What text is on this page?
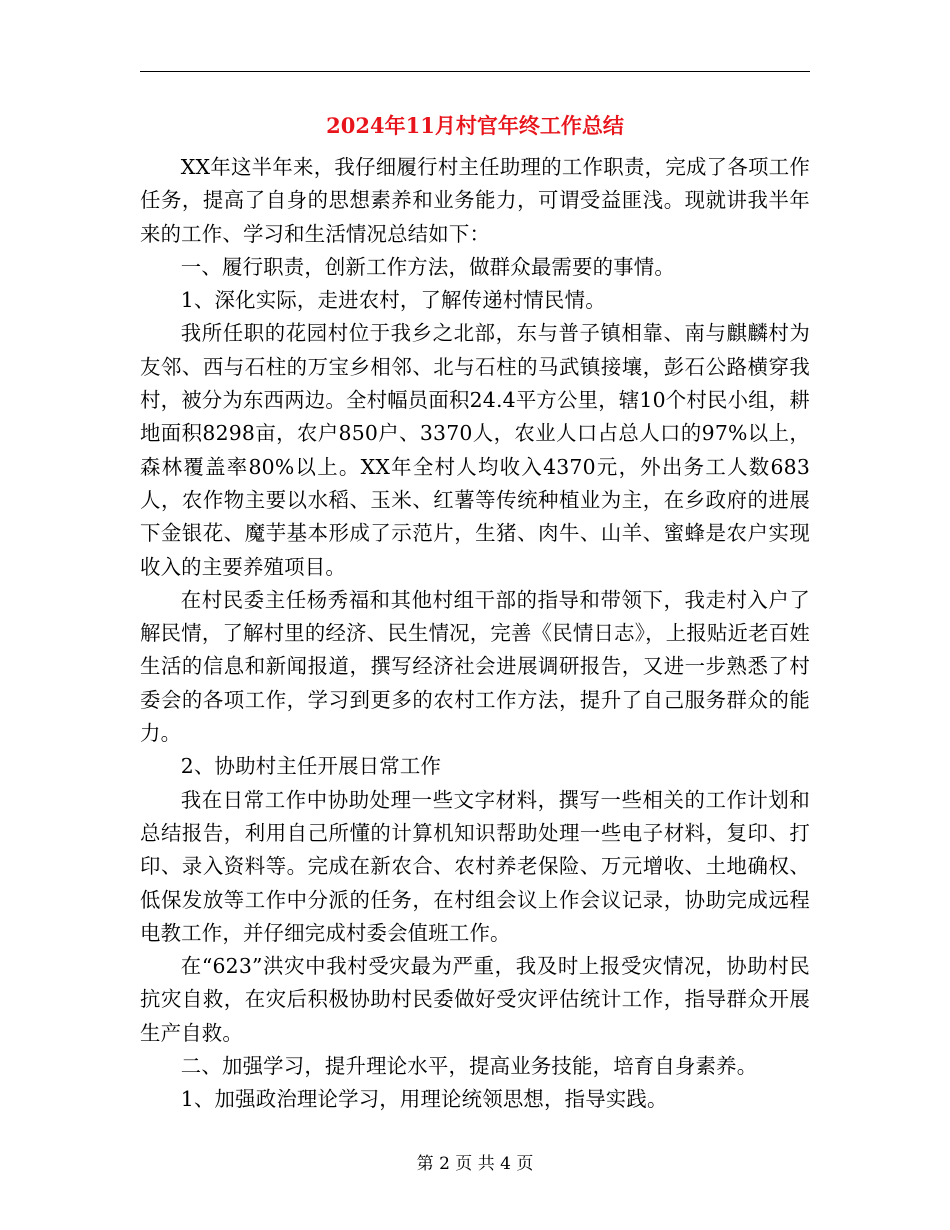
2024年11月村官年终工作总结

XX年这半年来，我仔细履行村主任助理的工作职责，完成了各项工作任务，提高了自身的思想素养和业务能力，可谓受益匪浅。现就讲我半年来的工作、学习和生活情况总结如下：

一、履行职责，创新工作方法，做群众最需要的事情。

1、深化实际，走进农村，了解传递村情民情。

我所任职的花园村位于我乡之北部，东与普子镇相靠、南与麒麟村为友邻、西与石柱的万宝乡相邻、北与石柱的马武镇接壤，彭石公路横穿我村，被分为东西两边。全村幅员面积24.4平方公里，辖10个村民小组，耕地面积8298亩，农户850户、3370人，农业人口占总人口的97%以上，森林覆盖率80%以上。XX年全村人均收入4370元，外出务工人数683人，农作物主要以水稻、玉米、红薯等传统种植业为主，在乡政府的进展下金银花、魔芋基本形成了示范片，生猪、肉牛、山羊、蜜蜂是农户实现收入的主要养殖项目。

在村民委主任杨秀福和其他村组干部的指导和带领下，我走村入户了解民情，了解村里的经济、民生情况，完善《民情日志》，上报贴近老百姓生活的信息和新闻报道，撰写经济社会进展调研报告，又进一步熟悉了村委会的各项工作，学习到更多的农村工作方法，提升了自己服务群众的能力。

2、协助村主任开展日常工作

我在日常工作中协助处理一些文字材料，撰写一些相关的工作计划和总结报告，利用自己所懂的计算机知识帮助处理一些电子材料，复印、打印、录入资料等。完成在新农合、农村养老保险、万元增收、土地确权、低保发放等工作中分派的任务，在村组会议上作会议记录，协助完成远程电教工作，并仔细完成村委会值班工作。

在“623”洪灾中我村受灾最为严重，我及时上报受灾情况，协助村民抗灾自救，在灾后积极协助村民委做好受灾评估统计工作，指导群众开展生产自救。

二、加强学习，提升理论水平，提高业务技能，培育自身素养。

1、加强政治理论学习，用理论统领思想，指导实践。

第 2 页 共 4 页
